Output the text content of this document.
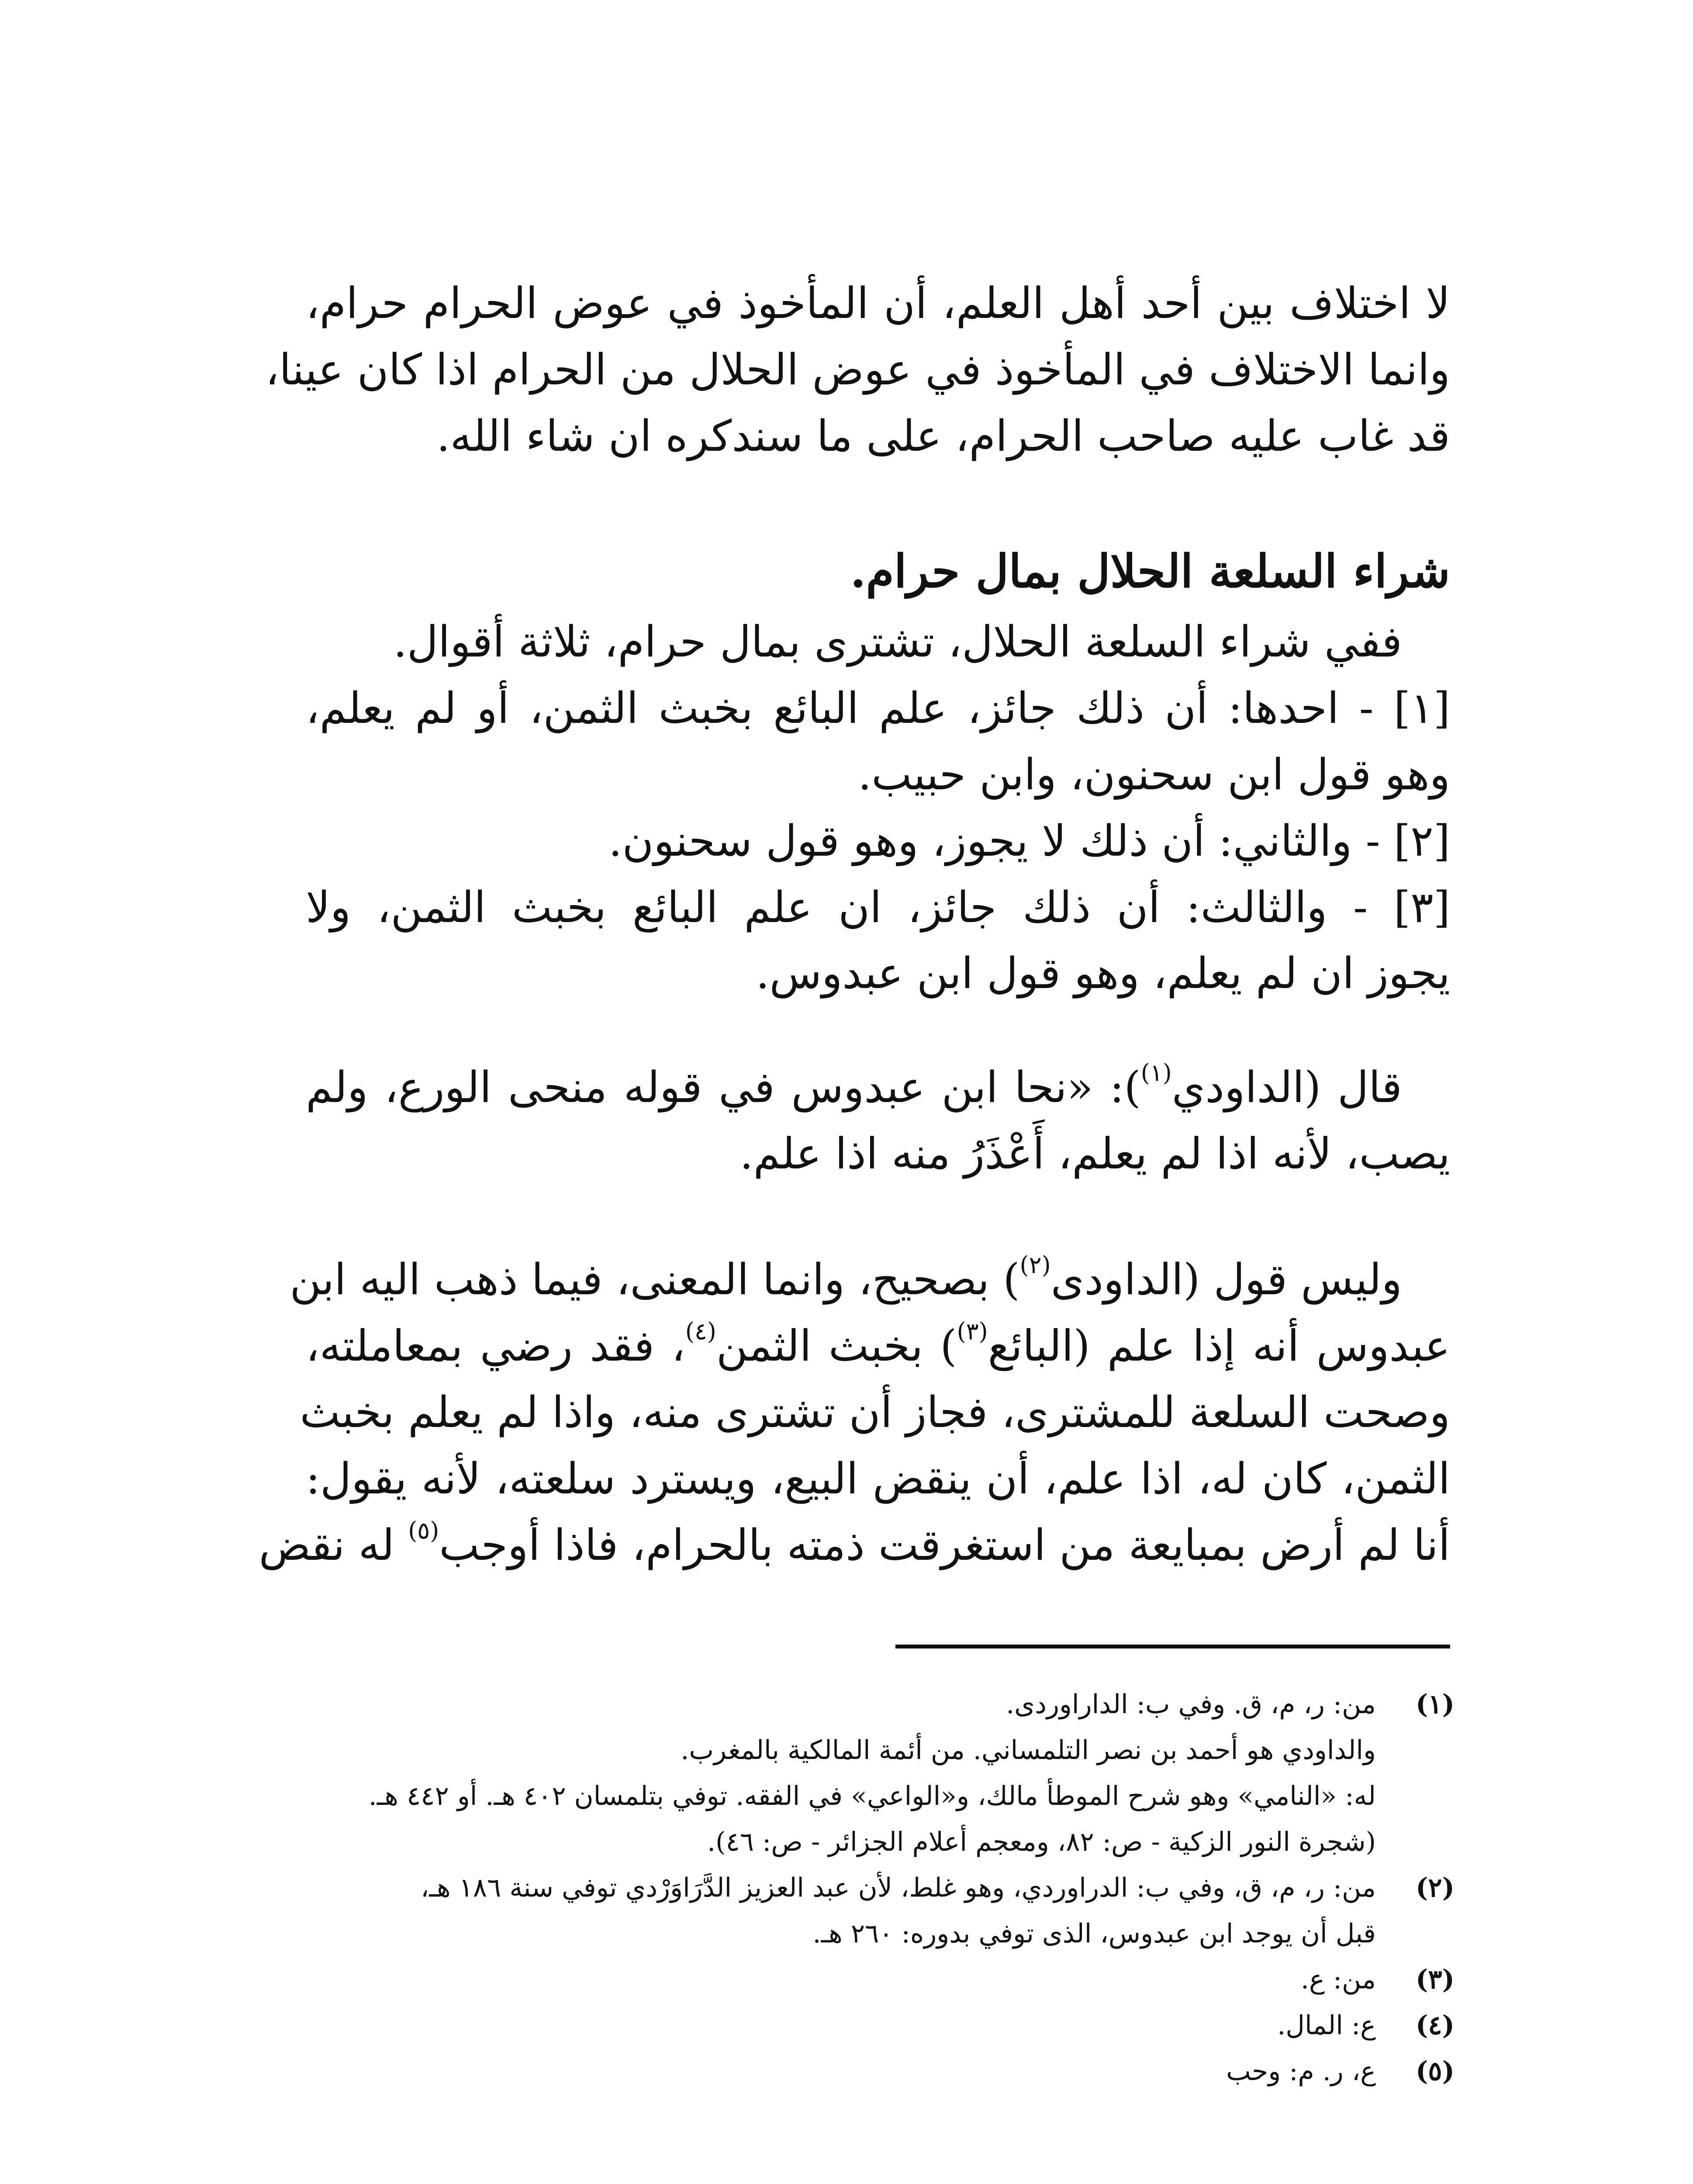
لا اختلاف بين أحد أهل العلم، أن المأخوذ في عوض الحرام حرام،
وانما الاختلاف في المأخوذ في عوض الحلال من الحرام اذا كان عينا،
قد غاب عليه صاحب الحرام، على ما سندكره ان شاء الله.
شراء السلعة الحلال بمال حرام.
ففي شراء السلعة الحلال، تشترى بمال حرام، ثلاثة أقوال.
[١] - احدها: أن ذلك جائز، علم البائع بخبث الثمن، أو لم يعلم،
وهو قول ابن سحنون، وابن حبيب.
[٢] - والثاني: أن ذلك لا يجوز، وهو قول سحنون.
[٣] - والثالث: أن ذلك جائز، ان علم البائع بخبث الثمن، ولا
يجوز ان لم يعلم، وهو قول ابن عبدوس.
قال (الداودي$^{(١)}$): «نحا ابن عبدوس في قوله منحى الورع، ولم
يصب، لأنه اذا لم يعلم، أَعْذَرُ منه اذا علم.
وليس قول (الداودى$^{(٢)}$) بصحيح، وانما المعنى، فيما ذهب اليه ابن
عبدوس أنه إذا علم (البائع$^{(٣)}$) بخبث الثمن$^{(٤)}$، فقد رضي بمعاملته،
وصحت السلعة للمشترى، فجاز أن تشترى منه، واذا لم يعلم بخبث
الثمن، كان له، اذا علم، أن ينقض البيع، ويسترد سلعته، لأنه يقول:
أنا لم أرض بمبايعة من استغرقت ذمته بالحرام، فاذا أوجب$^{(٥)}$ له نقض
(١)
من: ر، م، ق. وفي ب: الداراوردى.
والداودي هو أحمد بن نصر التلمساني. من أئمة المالكية بالمغرب.
له: «النامي» وهو شرح الموطأ مالك، و«الواعي» في الفقه. توفي بتلمسان ٤٠٢ هـ. أو ٤٤٢ هـ.
(شجرة النور الزكية - ص: ٨٢، ومعجم أعلام الجزائر - ص: ٤٦).
(٢)
من: ر، م، ق، وفي ب: الدراوردي، وهو غلط، لأن عبد العزيز الدَّرَاوَرْدي توفي سنة ١٨٦ هـ،
قبل أن يوجد ابن عبدوس، الذى توفي بدوره: ٢٦٠ هـ.
(٣)
من: ع.
(٤)
ع: المال.
(٥)
ع، ر. م: وحب
